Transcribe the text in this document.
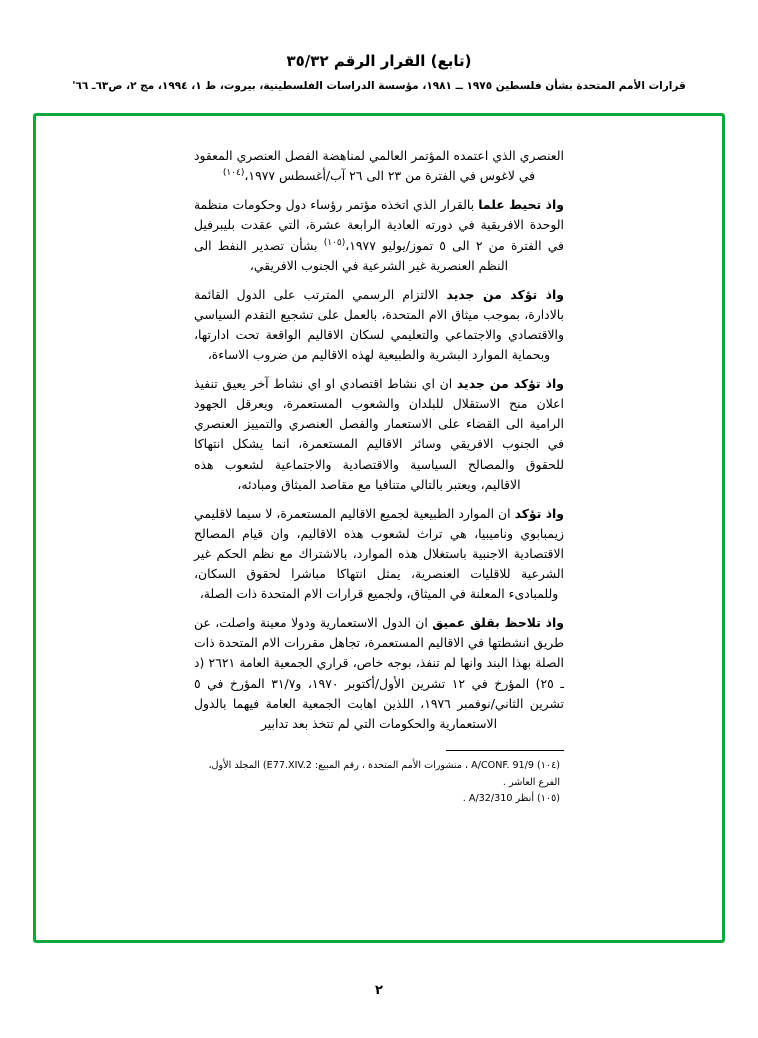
(تابع) القرار الرقم ٣٥/٣٢
قرارات الأمم المتحدة بشأن فلسطين ١٩٧٥ ــ ١٩٨١، مؤسسة الدراسات الفلسطينية، بيروت، ط ١، ١٩٩٤، مج ٢، ص٦٣ـ ٦٦'

العنصري الذي اعتمده المؤتمر العالمي لمناهضة الفصل العنصري المعقود في لاغوس في الفترة من ٢٣ الى ٢٦ آب/أغسطس ١٩٧٧،$^{(١٠٤)}$

واذ تحيط علما بالقرار الذي اتخذه مؤتمر رؤساء دول وحكومات منظمة الوحدة الافريقية في دورته العادية الرابعة عشرة، التي عقدت بليبرفيل في الفترة من ٢ الى ٥ تموز/يوليو ١٩٧٧،$^{(١٠٥)}$ بشأن تصدير النفط الى النظم العنصرية غير الشرعية في الجنوب الافريقي،

واذ تؤكد من جديد الالتزام الرسمي المترتب على الدول القائمة بالادارة، بموجب ميثاق الام المتحدة، بالعمل على تشجيع التقدم السياسي والاقتصادي والاجتماعي والتعليمي لسكان الاقاليم الواقعة تحت ادارتها، وبحماية الموارد البشرية والطبيعية لهذه الاقاليم من ضروب الاساءة،

واذ تؤكد من جديد ان اي نشاط اقتصادي او اي نشاط آخر يعيق تنفيذ اعلان منح الاستقلال للبلدان والشعوب المستعمرة، ويعرقل الجهود الرامية الى القضاء على الاستعمار والفصل العنصري والتمييز العنصري في الجنوب الافريقي وسائر الاقاليم المستعمرة، انما يشكل انتهاكا للحقوق والمصالح السياسية والاقتصادية والاجتماعية لشعوب هذه الاقاليم، ويعتبر بالتالي متنافيا مع مقاصد الميثاق ومبادئه،

واذ تؤكد ان الموارد الطبيعية لجميع الاقاليم المستعمرة، لا سيما لاقليمي زيمبابوي وناميبيا، هي تراث لشعوب هذه الاقاليم، وان قيام المصالح الاقتصادية الاجنبية باستغلال هذه الموارد، بالاشتراك مع نظم الحكم غير الشرعية للاقليات العنصرية، يمثل انتهاكا مباشرا لحقوق السكان، وللمبادىء المعلنة في الميثاق، ولجميع قرارات الام المتحدة ذات الصلة،

واذ تلاحظ بقلق عميق ان الدول الاستعمارية ودولا معينة واصلت، عن طريق انشطتها في الاقاليم المستعمرة، تجاهل مقررات الام المتحدة ذات الصلة بهذا البند وانها لم تنفذ، بوجه خاص، قراري الجمعية العامة ٢٦٢١ (د ـ ٢٥) المؤرخ في ١٢ تشرين الأول/أكتوبر ١٩٧٠، و٣١/٧ المؤرخ في ٥ تشرين الثاني/نوفمبر ١٩٧٦، اللذين اهابت الجمعية العامة فيهما بالدول الاستعمارية والحكومات التي لم تتخذ بعد تدابير

(١٠٤)A/CONF. 91/9 ، منشورات الأمم المتحدة ، رقم المبيع: E77.XIV.2) المجلد الأول، الفرع العاشر .
(١٠٥)أنظر A/32/310 .
٢
